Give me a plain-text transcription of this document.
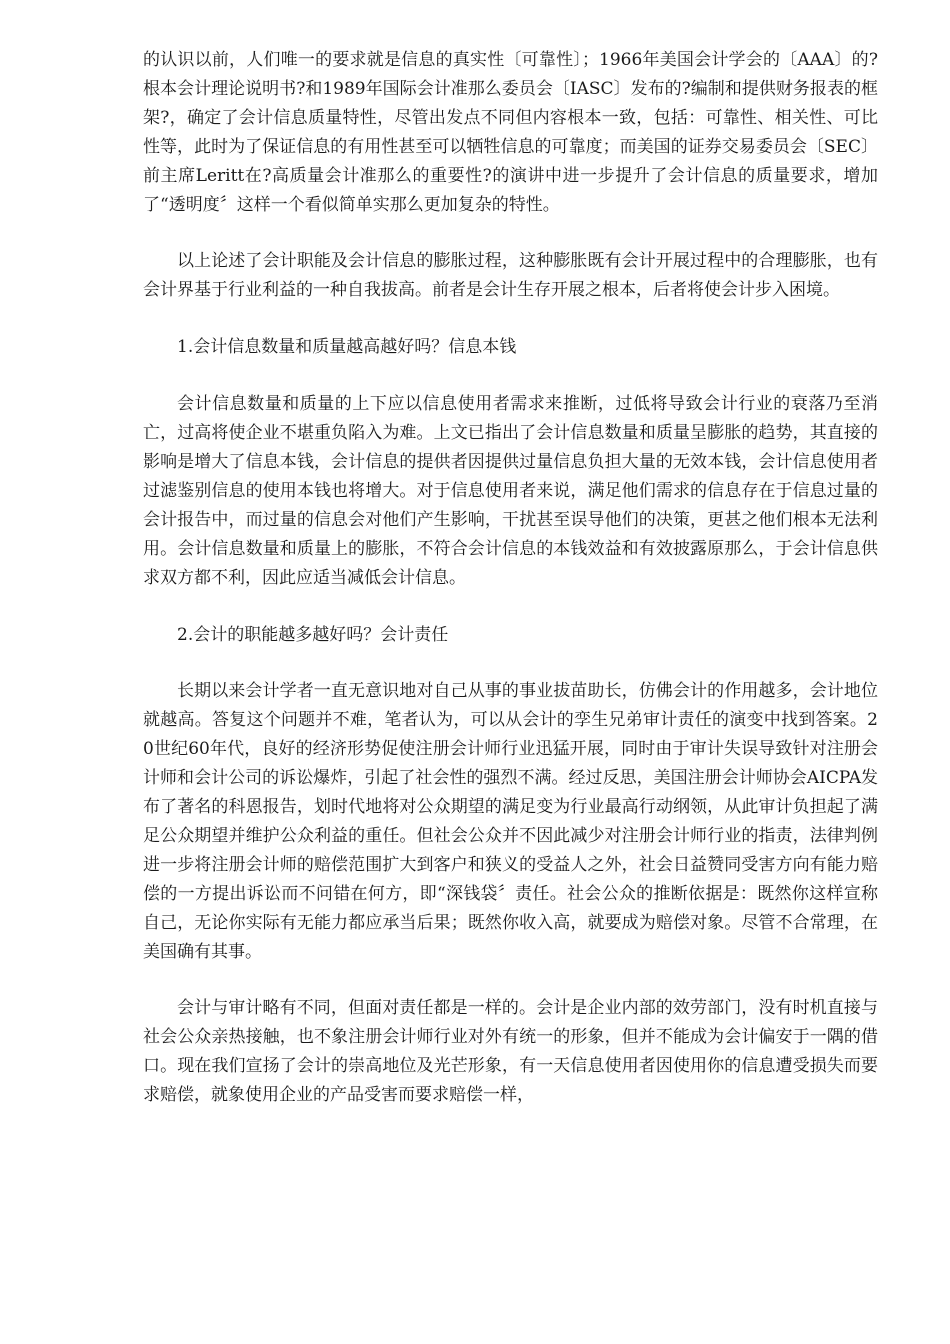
的认识以前，人们唯一的要求就是信息的真实性〔可靠性〕；1966年美国会计学会的〔AAA〕的?根本会计理论说明书?和1989年国际会计准那么委员会〔IASC〕发布的?编制和提供财务报表的框架?，确定了会计信息质量特性，尽管出发点不同但内容根本一致，包括：可靠性、相关性、可比性等，此时为了保证信息的有用性甚至可以牺牲信息的可靠度；而美国的证券交易委员会〔SEC〕前主席Leritt在?高质量会计准那么的重要性?的演讲中进一步提升了会计信息的质量要求，增加了“透明度〞这样一个看似简单实那么更加复杂的特性。

以上论述了会计职能及会计信息的膨胀过程，这种膨胀既有会计开展过程中的合理膨胀，也有会计界基于行业利益的一种自我拔高。前者是会计生存开展之根本，后者将使会计步入困境。

1.会计信息数量和质量越高越好吗？信息本钱

会计信息数量和质量的上下应以信息使用者需求来推断，过低将导致会计行业的衰落乃至消亡，过高将使企业不堪重负陷入为难。上文已指出了会计信息数量和质量呈膨胀的趋势，其直接的影响是增大了信息本钱，会计信息的提供者因提供过量信息负担大量的无效本钱，会计信息使用者过滤鉴别信息的使用本钱也将增大。对于信息使用者来说，满足他们需求的信息存在于信息过量的会计报告中，而过量的信息会对他们产生影响，干扰甚至误导他们的决策，更甚之他们根本无法利用。会计信息数量和质量上的膨胀，不符合会计信息的本钱效益和有效披露原那么，于会计信息供求双方都不利，因此应适当减低会计信息。

2.会计的职能越多越好吗？会计责任

长期以来会计学者一直无意识地对自己从事的事业拔苗助长，仿佛会计的作用越多，会计地位就越高。答复这个问题并不难，笔者认为，可以从会计的孪生兄弟审计责任的演变中找到答案。20世纪60年代，良好的经济形势促使注册会计师行业迅猛开展，同时由于审计失误导致针对注册会计师和会计公司的诉讼爆炸，引起了社会性的强烈不满。经过反思，美国注册会计师协会AICPA发布了著名的科恩报告，划时代地将对公众期望的满足变为行业最高行动纲领，从此审计负担起了满足公众期望并维护公众利益的重任。但社会公众并不因此减少对注册会计师行业的指责，法律判例进一步将注册会计师的赔偿范围扩大到客户和狭义的受益人之外，社会日益赞同受害方向有能力赔偿的一方提出诉讼而不问错在何方，即“深钱袋〞责任。社会公众的推断依据是：既然你这样宣称自己，无论你实际有无能力都应承当后果；既然你收入高，就要成为赔偿对象。尽管不合常理，在美国确有其事。

会计与审计略有不同，但面对责任都是一样的。会计是企业内部的效劳部门，没有时机直接与社会公众亲热接触，也不象注册会计师行业对外有统一的形象，但并不能成为会计偏安于一隅的借口。现在我们宣扬了会计的崇高地位及光芒形象，有一天信息使用者因使用你的信息遭受损失而要求赔偿，就象使用企业的产品受害而要求赔偿一样，
